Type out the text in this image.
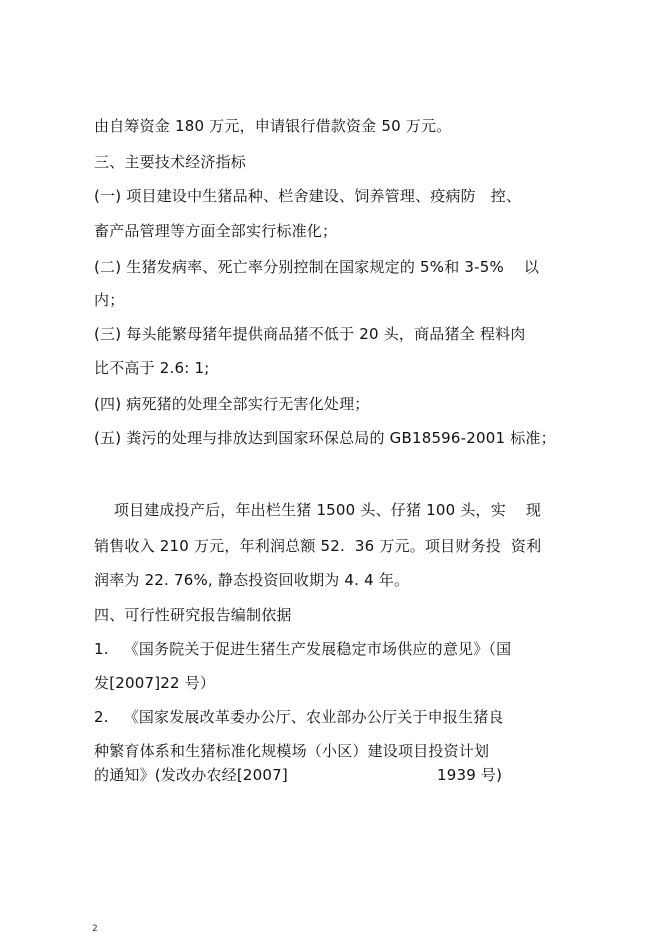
由自筹资金 180 万元，申请银行借款资金 50 万元。
三、主要技术经济指标
(一) 项目建设中生猪品种、栏舍建设、饲养管理、疫病防   控、
畜产品管理等方面全部实行标准化；
(二) 生猪发病率、死亡率分别控制在国家规定的 5%和 3-5%    以
内；
(三) 每头能繁母猪年提供商品猪不低于 20 头，商品猪全 程料肉
比不高于 2.6: 1;
(四) 病死猪的处理全部实行无害化处理；
(五) 粪污的处理与排放达到国家环保总局的 GB18596-2001 标准；
项目建成投产后，年出栏生猪 1500 头、仔猪 100 头，实    现
销售收入 210 万元，年利润总额 52.  36 万元。项目财务投  资利
润率为 22. 76%, 静态投资回收期为 4. 4 年。
四、可行性研究报告编制依据
1.   《国务院关于促进生猪生产发展稳定市场供应的意见》（国
发[2007]22 号）
2.   《国家发展改革委办公厅、农业部办公厅关于申报生猪良
种繁育体系和生猪标准化规模场（小区）建设项目投资计划
的通知》(发改办农经[2007]                              1939 号)
2
